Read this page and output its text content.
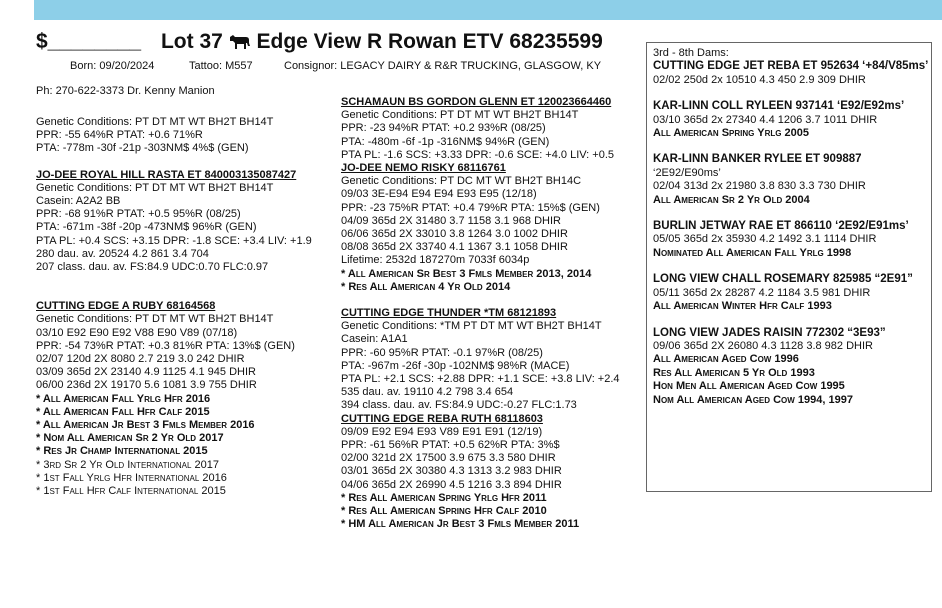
$________ Lot 37 Edge View R Rowan ETV 68235599
Born: 09/20/2024	Tattoo: M557	Consignor: LEGACY DAIRY & R&R TRUCKING, GLASGOW, KY
Ph: 270-622-3373 Dr. Kenny Manion
Genetic Conditions: PT DT MT WT BH2T BH14T
PPR: -55 64%R PTAT: +0.6 71%R
PTA: -778m -30f -21p -303NM$ 4%$ (GEN)
JO-DEE ROYAL HILL RASTA ET 840003135087427
Genetic Conditions: PT DT MT WT BH2T BH14T
Casein: A2A2 BB
PPR: -68 91%R PTAT: +0.5 95%R (08/25)
PTA: -671m -38f -20p -473NM$ 96%R (GEN)
PTA PL: +0.4 SCS: +3.15 DPR: -1.8 SCE: +3.4 LIV: +1.9
280 dau. av. 20524 4.2 861 3.4 704
207 class. dau. av. FS:84.9 UDC:0.70 FLC:0.97
CUTTING EDGE A RUBY 68164568
Genetic Conditions: PT DT MT WT BH2T BH14T
03/10 E92 E90 E92 V88 E90 V89 (07/18)
PPR: -54 73%R PTAT: +0.3 81%R PTA: 13%$ (GEN)
02/07 120d 2X 8080 2.7 219 3.0 242 DHIR
03/09 365d 2X 23140 4.9 1125 4.1 945 DHIR
06/00 236d 2X 19170 5.6 1081 3.9 755 DHIR
* All American Fall Yrlg Hfr 2016
* All American Fall Hfr Calf 2015
* All American Jr Best 3 Fmls Member 2016
* Nom All American Sr 2 Yr Old 2017
* Res Jr Champ International 2015
* 3rd Sr 2 Yr Old International 2017
* 1st Fall Yrlg Hfr International 2016
* 1st Fall Hfr Calf International 2015
SCHAMAUN BS GORDON GLENN ET 120023664460
Genetic Conditions: PT DT MT WT BH2T BH14T
PPR: -23 94%R PTAT: +0.2 93%R (08/25)
PTA: -480m -6f -1p -316NM$ 94%R (GEN)
PTA PL: -1.6 SCS: +3.33 DPR: -0.6 SCE: +4.0 LIV: +0.5
JO-DEE NEMO RISKY 68116761
Genetic Conditions: PT DC MT WT BH2T BH14C
09/03 3E-E94 E94 E94 E93 E95 (12/18)
PPR: -23 75%R PTAT: +0.4 79%R PTA: 15%$ (GEN)
04/09 365d 2X 31480 3.7 1158 3.1 968 DHIR
06/06 365d 2X 33010 3.8 1264 3.0 1002 DHIR
08/08 365d 2X 33740 4.1 1367 3.1 1058 DHIR
Lifetime: 2532d 187270m 7033f 6034p
* All American Sr Best 3 Fmls Member 2013, 2014
* Res All American 4 Yr Old 2014
CUTTING EDGE THUNDER *TM 68121893
Genetic Conditions: *TM PT DT MT WT BH2T BH14T
Casein: A1A1
PPR: -60 95%R PTAT: -0.1 97%R (08/25)
PTA: -967m -26f -30p -102NM$ 98%R (MACE)
PTA PL: +2.1 SCS: +2.88 DPR: +1.1 SCE: +3.8 LIV: +2.4
535 dau. av. 19110 4.2 798 3.4 654
394 class. dau. av. FS:84.9 UDC:-0.27 FLC:1.73
CUTTING EDGE REBA RUTH 68118603
09/09 E92 E94 E93 V89 E91 E91 (12/19)
PPR: -61 56%R PTAT: +0.5 62%R PTA: 3%$
02/00 321d 2X 17500 3.9 675 3.3 580 DHIR
03/01 365d 2X 30380 4.3 1313 3.2 983 DHIR
04/06 365d 2X 26990 4.5 1216 3.3 894 DHIR
* Res All American Spring Yrlg Hfr 2011
* Res All American Spring Hfr Calf 2010
* HM All American Jr Best 3 Fmls Member 2011
3rd - 8th Dams:
CUTTING EDGE JET REBA ET 952634 ‘+84/V85ms’
02/02 250d 2x 10510 4.3 450 2.9 309 DHIR
KAR-LINN COLL RYLEEN 937141 ‘E92/E92ms’
03/10 365d 2x 27340 4.4 1206 3.7 1011 DHIR
All American Spring Yrlg 2005
KAR-LINN BANKER RYLEE ET 909887
‘2E92/E90ms’
02/04 313d 2x 21980 3.8 830 3.3 730 DHIR
All American Sr 2 Yr Old 2004
BURLIN JETWAY RAE ET 866110 ‘2E92/E91ms’
05/05 365d 2x 35930 4.2 1492 3.1 1114 DHIR
Nominated All American Fall Yrlg 1998
LONG VIEW CHALL ROSEMARY 825985 “2E91”
05/11 365d 2x 28287 4.2 1184 3.5 981 DHIR
All American Winter Hfr Calf 1993
LONG VIEW JADES RAISIN 772302 “3E93”
09/06 365d 2X 26080 4.3 1128 3.8 982 DHIR
All American Aged Cow 1996
Res All American 5 Yr Old 1993
Hon Men All American Aged Cow 1995
Nom All American Aged Cow 1994, 1997
